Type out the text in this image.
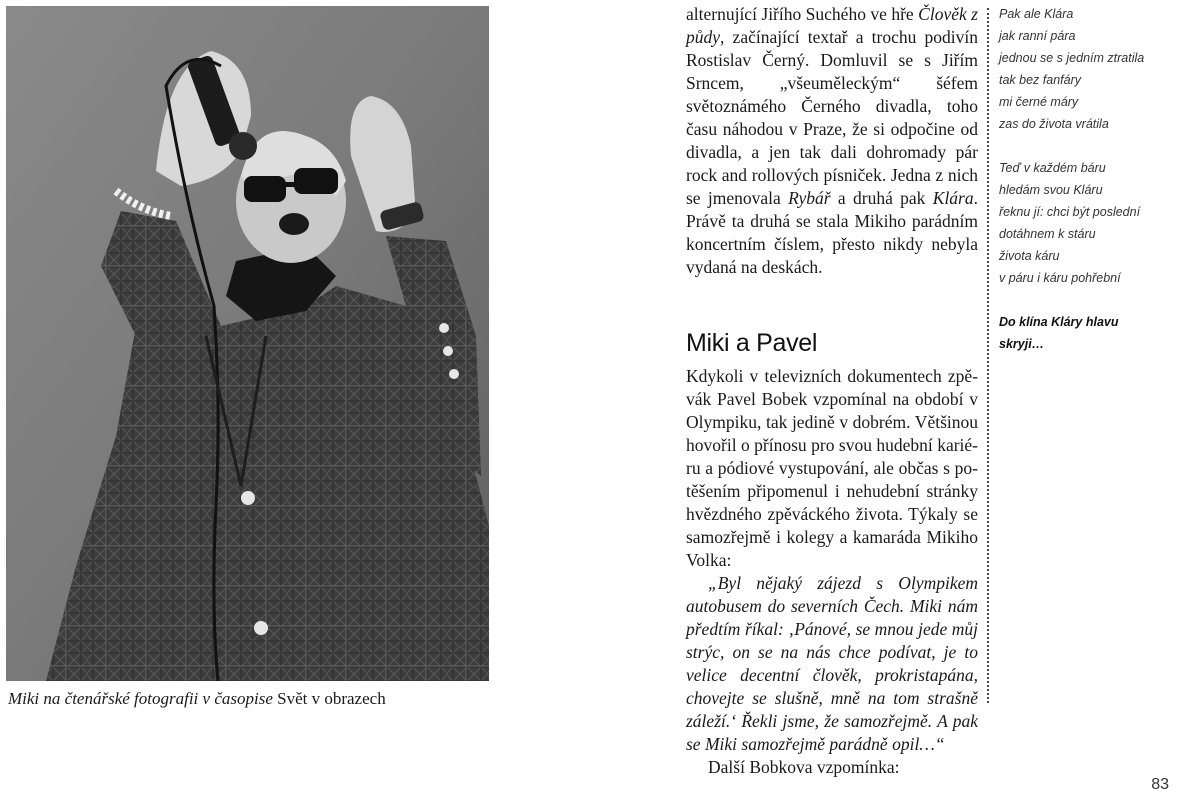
Miki na čtenářské fotografii v časopise Svět v obrazech

alternující Jiřího Suchého ve hře Člověk z půdy, začínající textař a trochu podivín Rostislav Černý. Domluvil se s Jiřím Srncem, „všeuměleckým“ šéfem světoznámého Černého divadla, toho času náhodou v Praze, že si odpočine od divadla, a jen tak dali dohromady pár rock and rollových písniček. Jedna z nich se jmenovala Rybář a druhá pak Klára. Právě ta druhá se stala Mikiho parádním koncertním číslem, přesto nikdy nebyla vydaná na deskách.

Miki a Pavel

Kdykoli v televizních dokumentech zpěvák Pavel Bobek vzpomínal na období v Olympiku, tak jedině v dobrém. Většinou hovořil o přínosu pro svou hudební kariéru a pódiové vystupování, ale občas s potěšením připomenul i nehudební stránky hvězdného zpěváckého života. Týkaly se samozřejmě i kolegy a kamaráda Mikiho Volka:

„Byl nějaký zájezd s Olympikem autobusem do severních Čech. Miki nám předtím říkal: ‚Pánové, se mnou jede můj strýc, on se na nás chce podívat, je to velice decentní člověk, prokristapána, chovejte se slušně, mně na tom strašně záleží.‘ Řekli jsme, že samozřejmě. A pak se Miki samozřejmě parádně opil…“

Další Bobkova vzpomínka:

Pak ale Klára
jak ranní pára
jednou se s jedním ztratila
tak bez fanfáry
mi černé máry
zas do života vrátila
Teď v každém báru
hledám svou Kláru
řeknu jí: chci být poslední
dotáhnem k stáru
života káru
v páru i káru pohřební
Do klína Kláry hlavu
skryji…
83
